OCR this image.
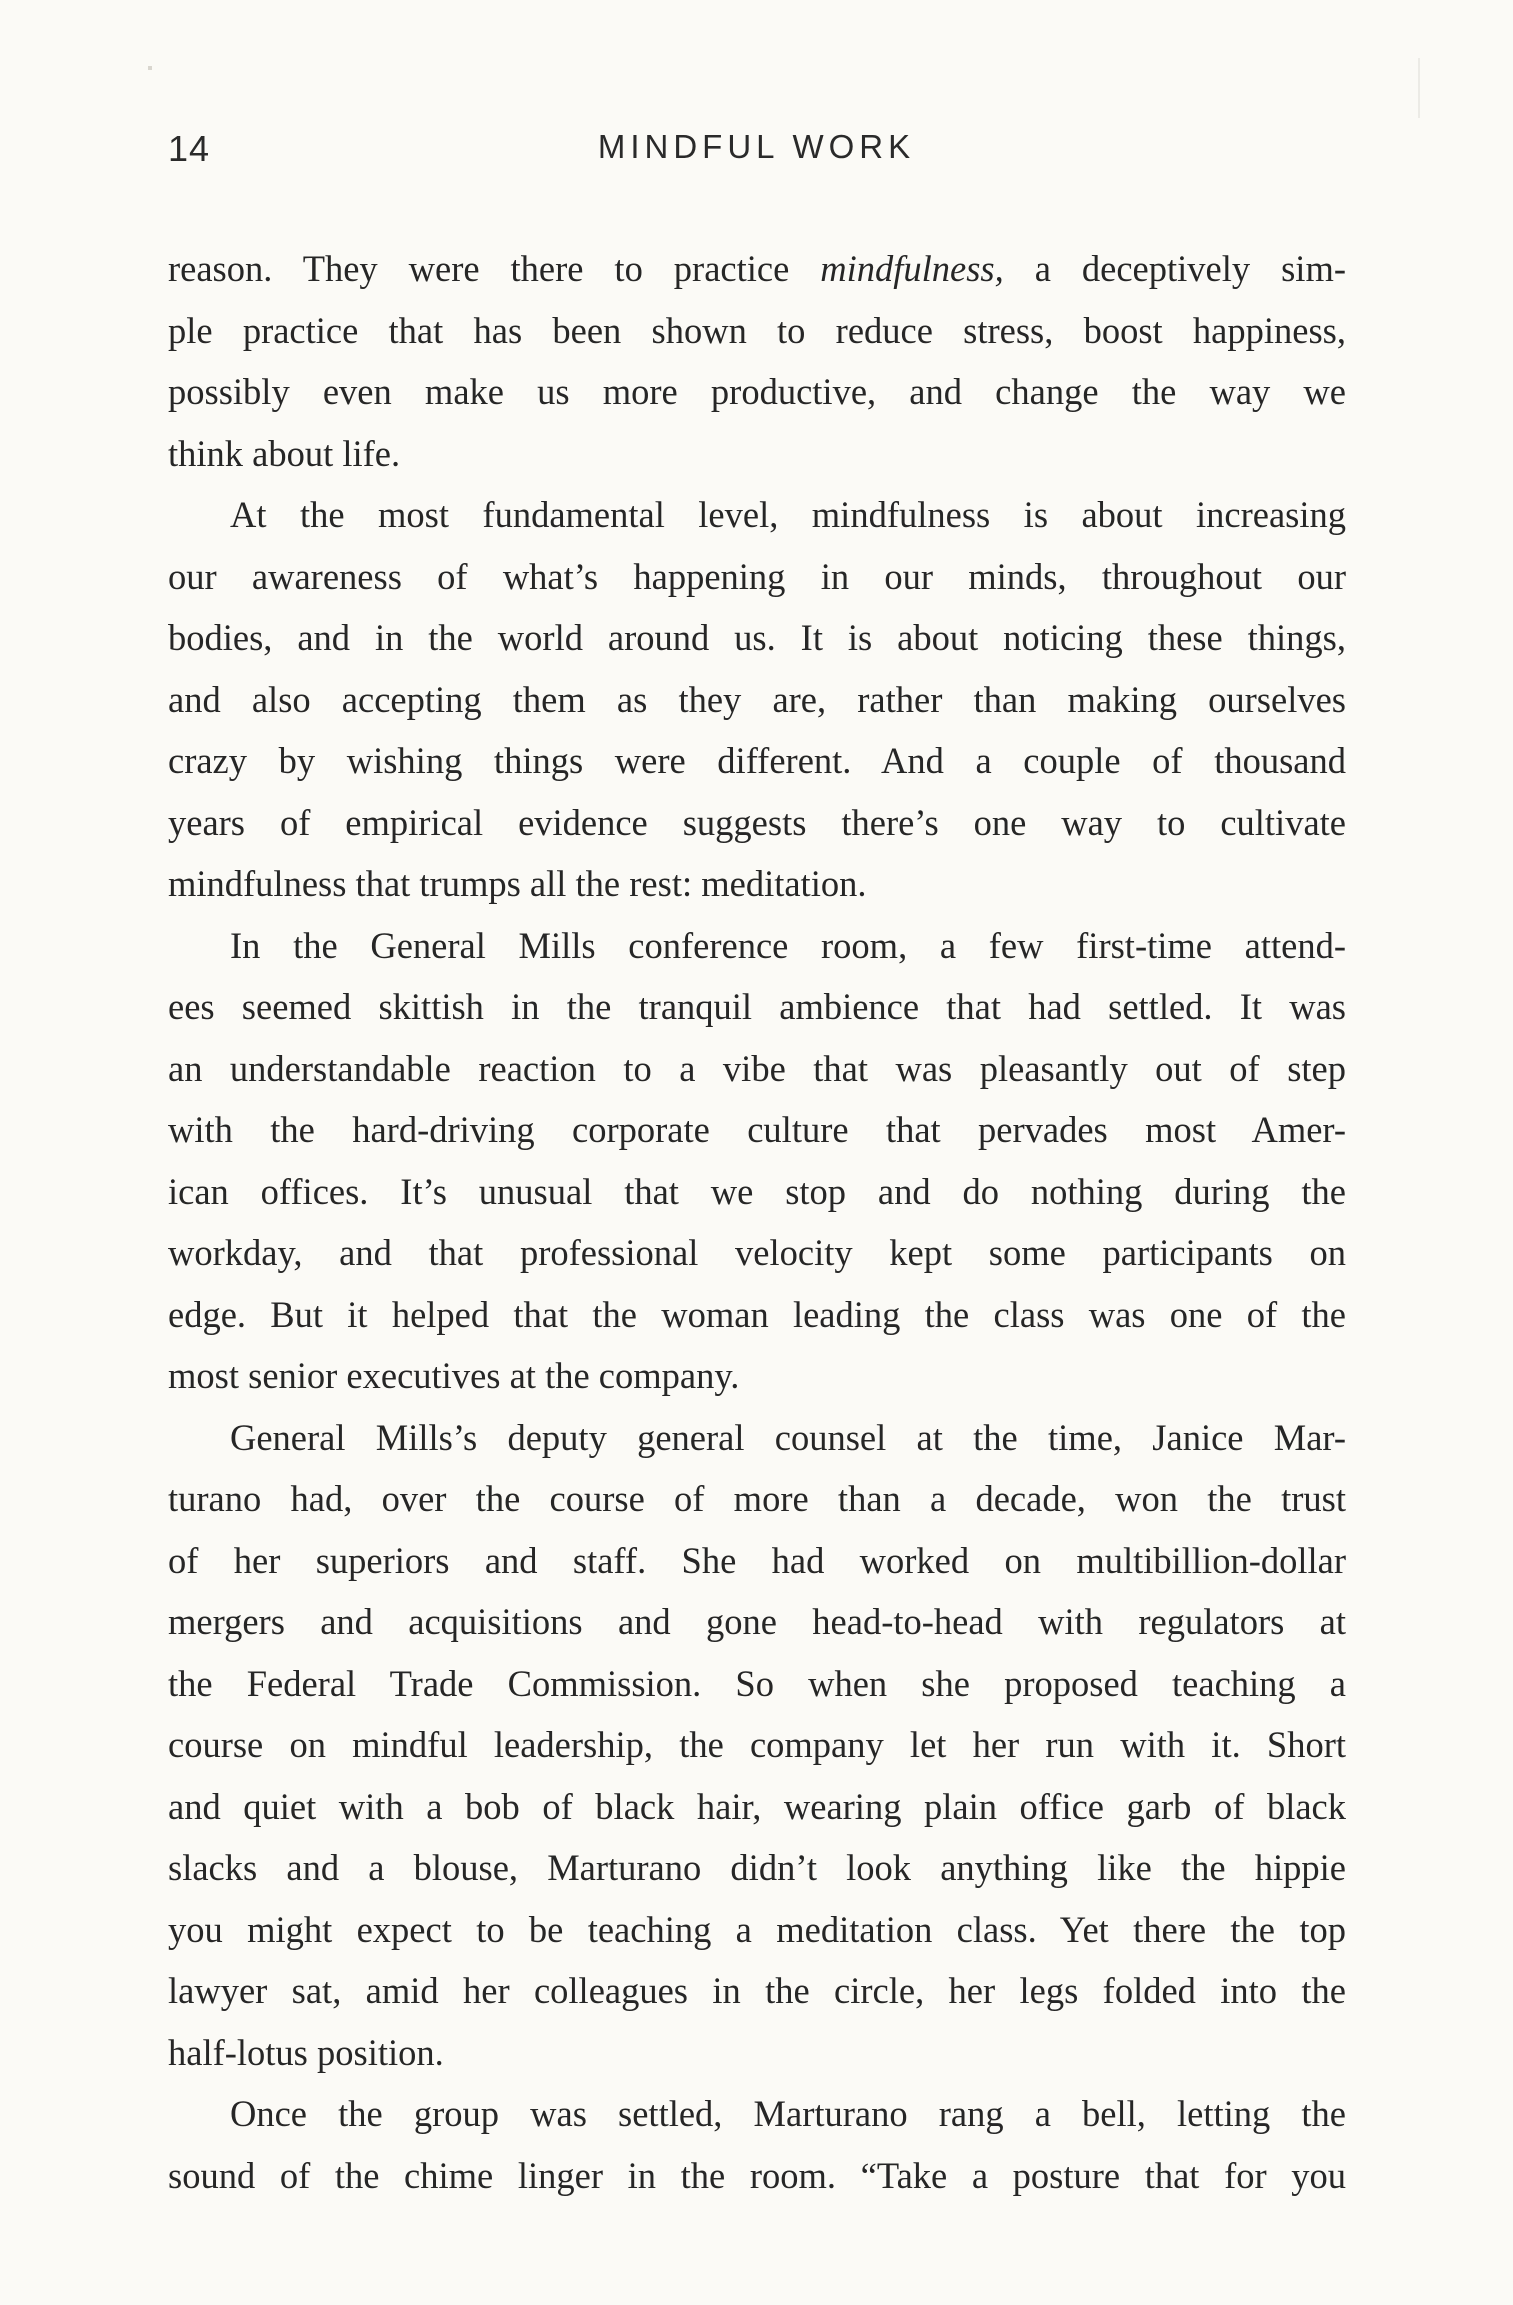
14	MINDFUL WORK

reason. They were there to practice mindfulness, a deceptively sim-

ple practice that has been shown to reduce stress, boost happiness,

possibly even make us more productive, and change the way we

think about life.

At the most fundamental level, mindfulness is about increasing

our awareness of what’s happening in our minds, throughout our

bodies, and in the world around us. It is about noticing these things,

and also accepting them as they are, rather than making ourselves

crazy by wishing things were different. And a couple of thousand

years of empirical evidence suggests there’s one way to cultivate

mindfulness that trumps all the rest: meditation.

In the General Mills conference room, a few first-time attend-

ees seemed skittish in the tranquil ambience that had settled. It was

an understandable reaction to a vibe that was pleasantly out of step

with the hard-driving corporate culture that pervades most Amer-

ican offices. It’s unusual that we stop and do nothing during the

workday, and that professional velocity kept some participants on

edge. But it helped that the woman leading the class was one of the

most senior executives at the company.

General Mills’s deputy general counsel at the time, Janice Mar-

turano had, over the course of more than a decade, won the trust

of her superiors and staff. She had worked on multibillion-dollar

mergers and acquisitions and gone head-to-head with regulators at

the Federal Trade Commission. So when she proposed teaching a

course on mindful leadership, the company let her run with it. Short

and quiet with a bob of black hair, wearing plain office garb of black

slacks and a blouse, Marturano didn’t look anything like the hippie

you might expect to be teaching a meditation class. Yet there the top

lawyer sat, amid her colleagues in the circle, her legs folded into the

half-lotus position.

Once the group was settled, Marturano rang a bell, letting the

sound of the chime linger in the room. “Take a posture that for you
